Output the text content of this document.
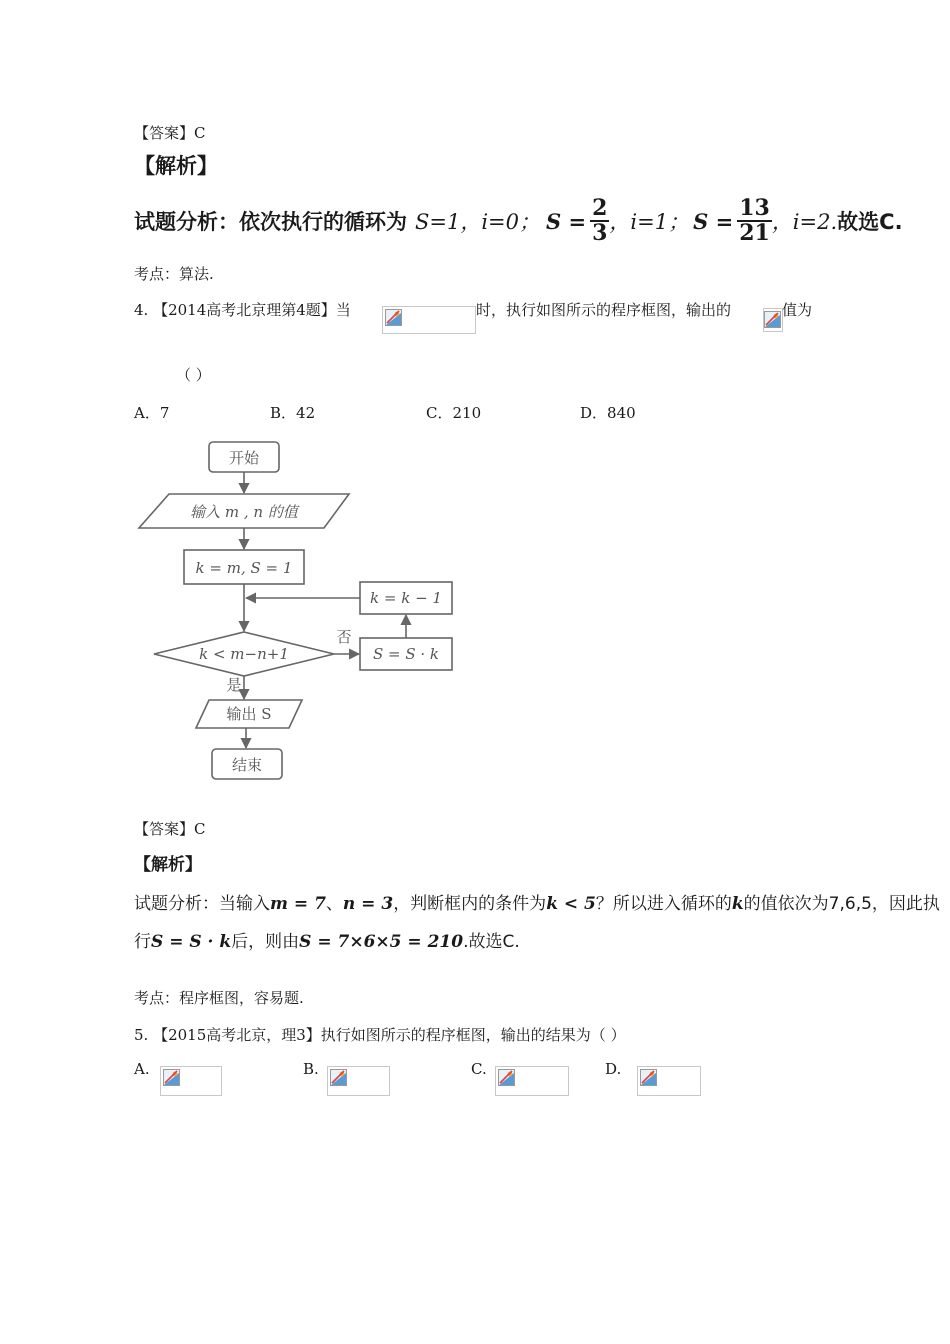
【答案】C
【解析】
试题分析：依次执行的循环为 S=1， i=0； $S = \frac{2}{3}$ ，i=1； $S = \frac{13}{21}$ ，i=2. 故选C.
考点：算法.
4. 【2014高考北京理第4题】当	时，执行如图所示的程序框图，输出的	值为
（ ）
A．7	B．42	C．210	D．840
开始
输入 m , n 的值
k = m, S = 1
k < m−n+1
否
是
k = k − 1
S = S · k
输出 S
结束
【答案】C
【解析】
试题分析：当输入m = 7、n = 3，判断框内的条件为k < 5？所以进入循环的k的值依次为7,6,5，因此执
行S = S · k后，则由S = 7×6×5 = 210.故选C.
考点：程序框图，容易题.
5. 【2015高考北京，理3】执行如图所示的程序框图，输出的结果为（ ）
A.	B.	C.	D.
